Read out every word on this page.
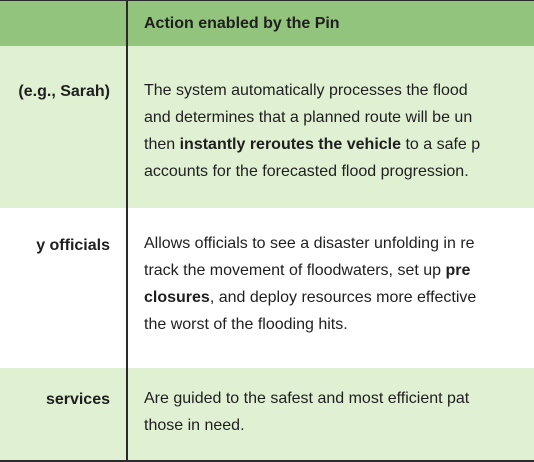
Action enabled by the Pin
(e.g., Sarah) The system automatically processes the flood
and determines that a planned route will be un
then instantly reroutes the vehicle to a safe p
accounts for the forecasted flood progression.
y officials Allows officials to see a disaster unfolding in re
track the movement of floodwaters, set up pre
closures, and deploy resources more effective
the worst of the flooding hits.
services Are guided to the safest and most efficient pat
those in need.
